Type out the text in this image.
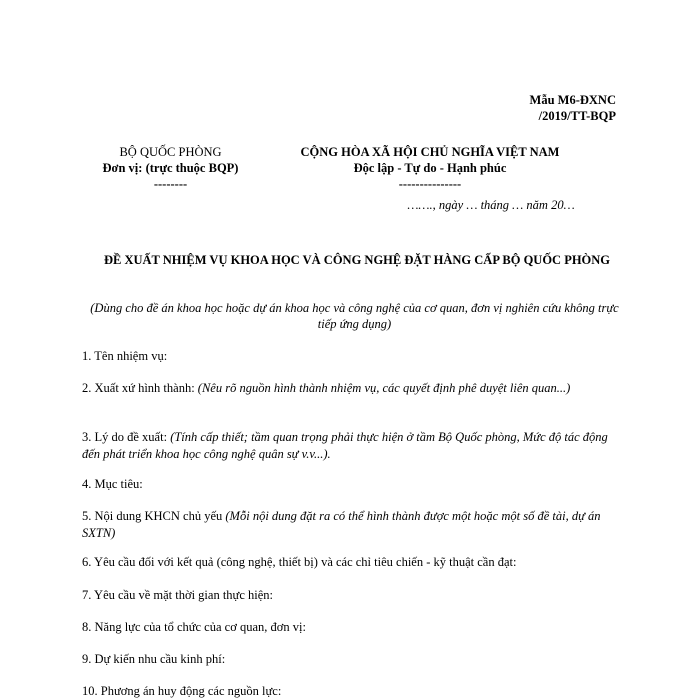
Mẫu M6-ĐXNC
/2019/TT-BQP
BỘ QUỐC PHÒNG
Đơn vị: (trực thuộc BQP)
--------
CỘNG HÒA XÃ HỘI CHỦ NGHĨA VIỆT NAM
Độc lập - Tự do - Hạnh phúc
---------------
……., ngày … tháng … năm 20…
ĐỀ XUẤT NHIỆM VỤ KHOA HỌC VÀ CÔNG NGHỆ ĐẶT HÀNG CẤP BỘ QUỐC PHÒNG
(Dùng cho đề án khoa học hoặc dự án khoa học và công nghệ của cơ quan, đơn vị nghiên cứu không trực tiếp ứng dụng)
1. Tên nhiệm vụ:
2. Xuất xứ hình thành: (Nêu rõ nguồn hình thành nhiệm vụ, các quyết định phê duyệt liên quan...)
3. Lý do đề xuất: (Tính cấp thiết; tầm quan trọng phải thực hiện ở tầm Bộ Quốc phòng, Mức độ tác động đến phát triển khoa học công nghệ quân sự v.v...).
4. Mục tiêu:
5. Nội dung KHCN chủ yếu (Mỗi nội dung đặt ra có thể hình thành được một hoặc một số đề tài, dự án SXTN)
6. Yêu cầu đối với kết quả (công nghệ, thiết bị) và các chỉ tiêu chiến - kỹ thuật cần đạt:
7. Yêu cầu về mặt thời gian thực hiện:
8. Năng lực của tổ chức của cơ quan, đơn vị:
9. Dự kiến nhu cầu kinh phí:
10. Phương án huy động các nguồn lực:
